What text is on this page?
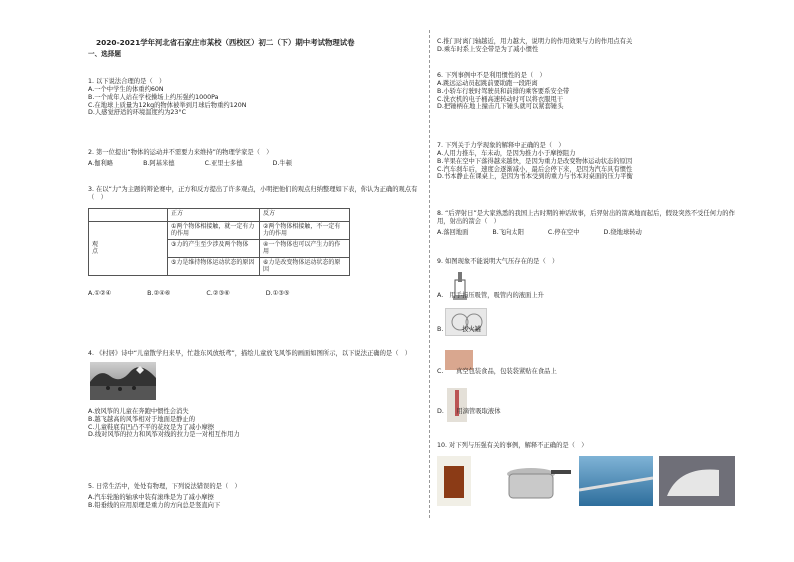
2020-2021学年河北省石家庄市某校（西校区）初二（下）期中考试物理试卷
一、选择题

1. 以下说法合理的是（　）

A.一个中学生的体重约60N

B.一个成年人站在学校操场上约压强约1000Pa

C.在地球上质量为12kg的物体被举到月球后物重约120N

D.人感觉舒适的环境温度约为23°C

2. 第一位提出“物体的运动并不需要力来维持”的物理学家是（　）

A.伽利略	B.阿基米德	C.亚里士多德	D.牛顿

3. 在以“力”为主题的辩论赛中，正方和反方提出了许多观点，小明把他们的观点归纳整理如下表，你认为正确的观点有（　）

	正方	反方

观
点	①两个物体相接触，就一定有力的作用	②两个物体相接触，不一定有力的作用
	③力的产生至少涉及两个物体	④一个物体也可以产生力的作用
	⑤力是维持物体运动状态的原因	⑥力是改变物体运动状态的原因
A.①②④	B.②④⑥	C.②③⑥	D.①③⑤

4. 《村居》诗中“儿童散学归来早，忙趁东风放纸鸢”，描绘儿童放飞风筝的画面如图所示，以下说法正确的是（　）

A.放风筝的儿童在奔跑中惯性会消失

B.越飞越高的风筝相对于地面是静止的

C.儿童鞋底有凹凸不平的花纹是为了减小摩擦

D.线对风筝的拉力和风筝对线的拉力是一对相互作用力

5. 日常生活中，处处有物理，下列说法错误的是（　）

A.汽车轮胎的轴承中装有滚珠是为了减小摩擦

B.铅垂线的应用原理是重力的方向总是竖直向下

C.推门时离门轴越近，用力越大，说明力的作用效果与力的作用点有关

D.乘车时系上安全带是为了减小惯性

6. 下列事例中不是利用惯性的是（　）

A.跳远运动员起跳前要助跑一段距离

B.小轿车行驶时驾驶员和前排的乘客要系安全带

C.洗衣机的电子桶高速转动时可以将衣服甩干

D.把锤柄在地上撞击几下锤头就可以紧套锤头

7. 下列关于力学现象的解释中正确的是（　）

A.人用力推车，车未动，是因为推力小于摩擦阻力

B.苹果在空中下落得越来越快，是因为重力是改变物体运动状态的原因

C.汽车刹车后，速度会逐渐减小，最后会停下来，是因为汽车具有惯性

D.书本静止在课桌上，是因为书本受到的重力与书本对桌面的压力平衡

8. “后羿射日”是大家熟悉的我国上古时期的神话故事，后羿射出的箭离地而起后，假设突然不受任何力的作用，射出的箭会（　）

A.落回地面	B.飞向太阳	C.停在空中	D.绕地球转动

9. 如图现象不能说明大气压存在的是（　）

A.　用手指压吸管，吸管内的液面上升
B.　　　拔火罐
C.　　真空包装食品，包装袋紧贴在食品上
D.　　用滴管吸取液体

10. 对下列与压强有关的事例，解释不正确的是（　）
